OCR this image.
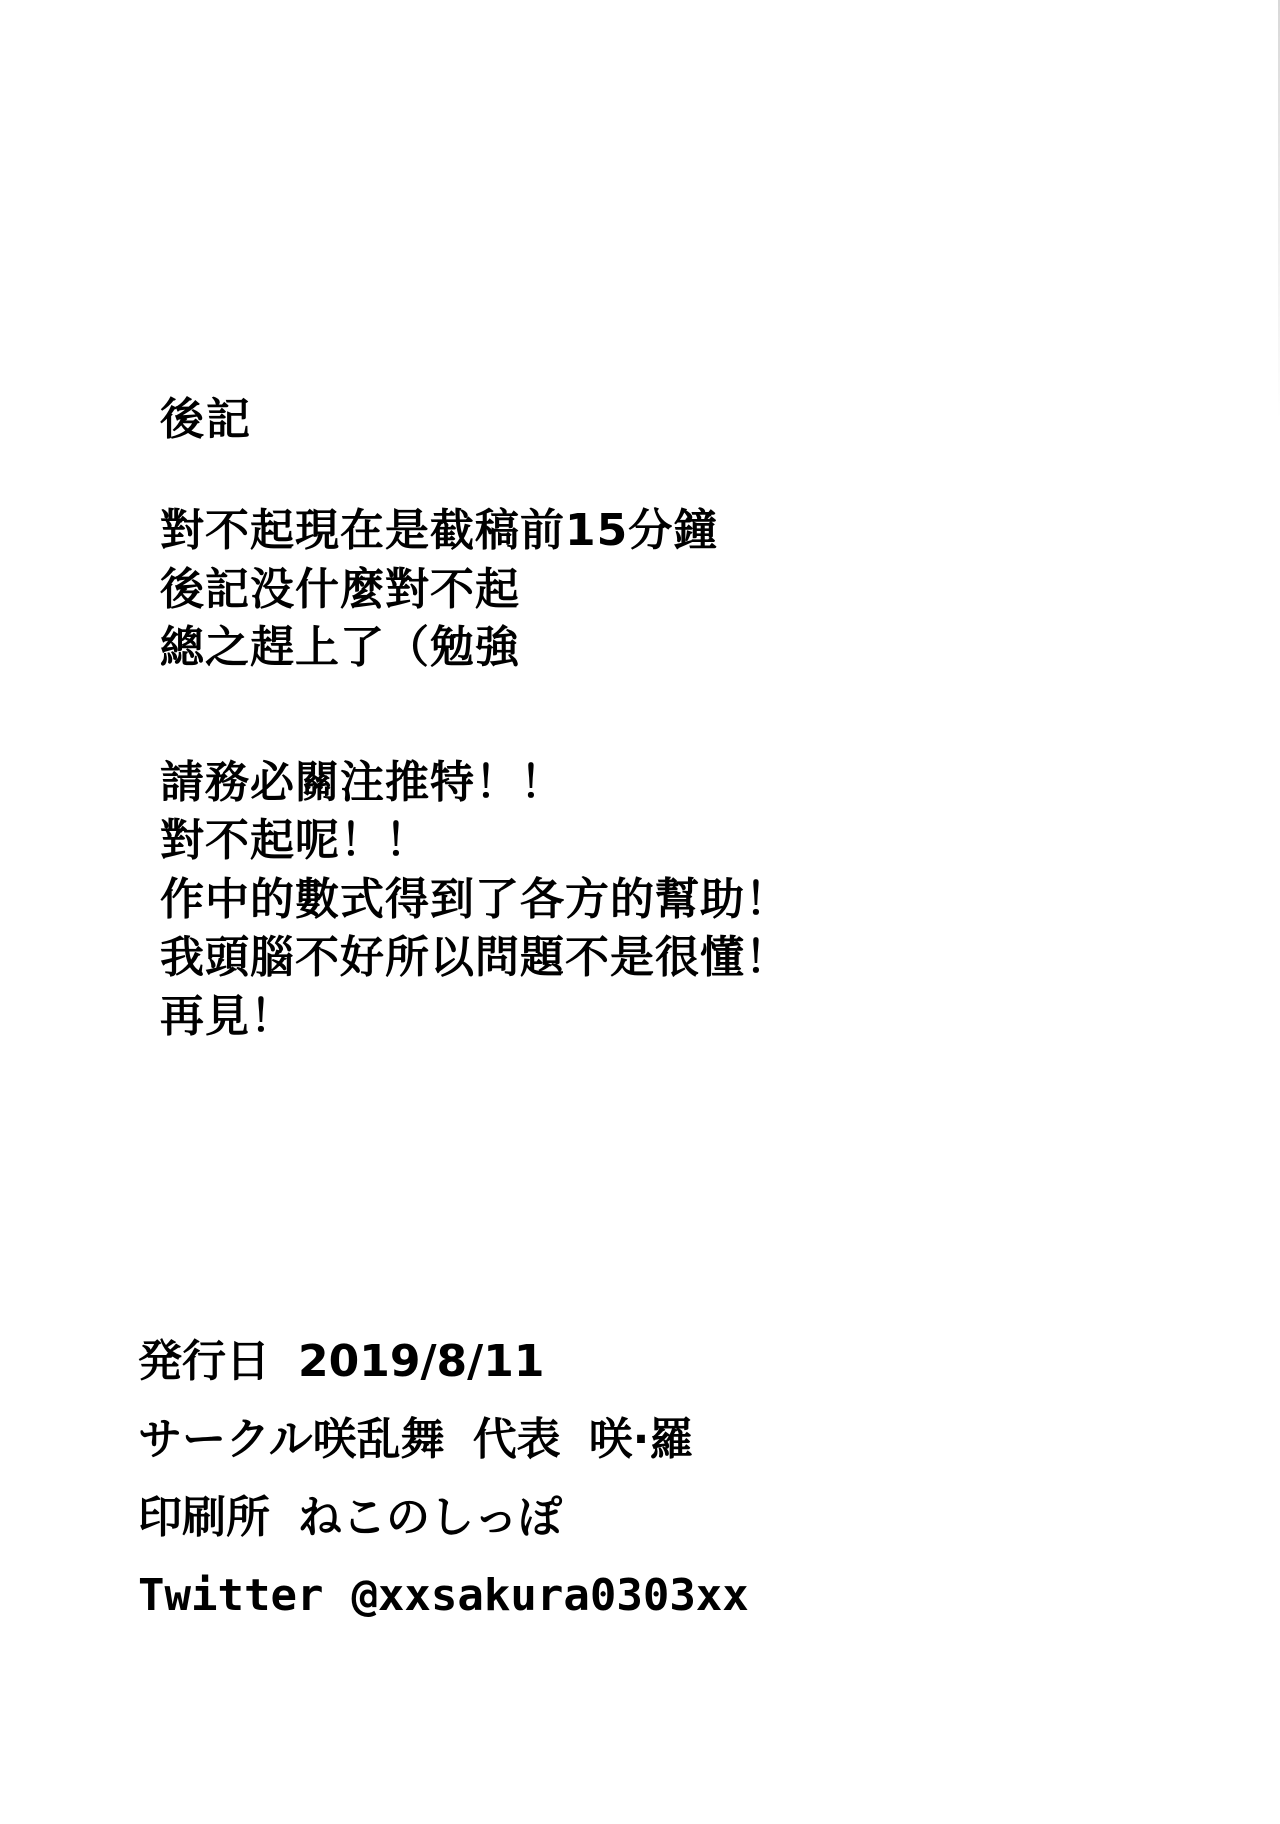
後記
對不起現在是截稿前15分鐘
後記没什麼對不起
總之趕上了（勉強
請務必關注推特！！
對不起呢！！
作中的數式得到了各方的幫助！
我頭腦不好所以問題不是很懂！
再見！
発行日 2019/8/11
サークル咲乱舞 代表 咲·羅
印刷所 ねこのしっぽ
Twitter @xxsakura0303xx
